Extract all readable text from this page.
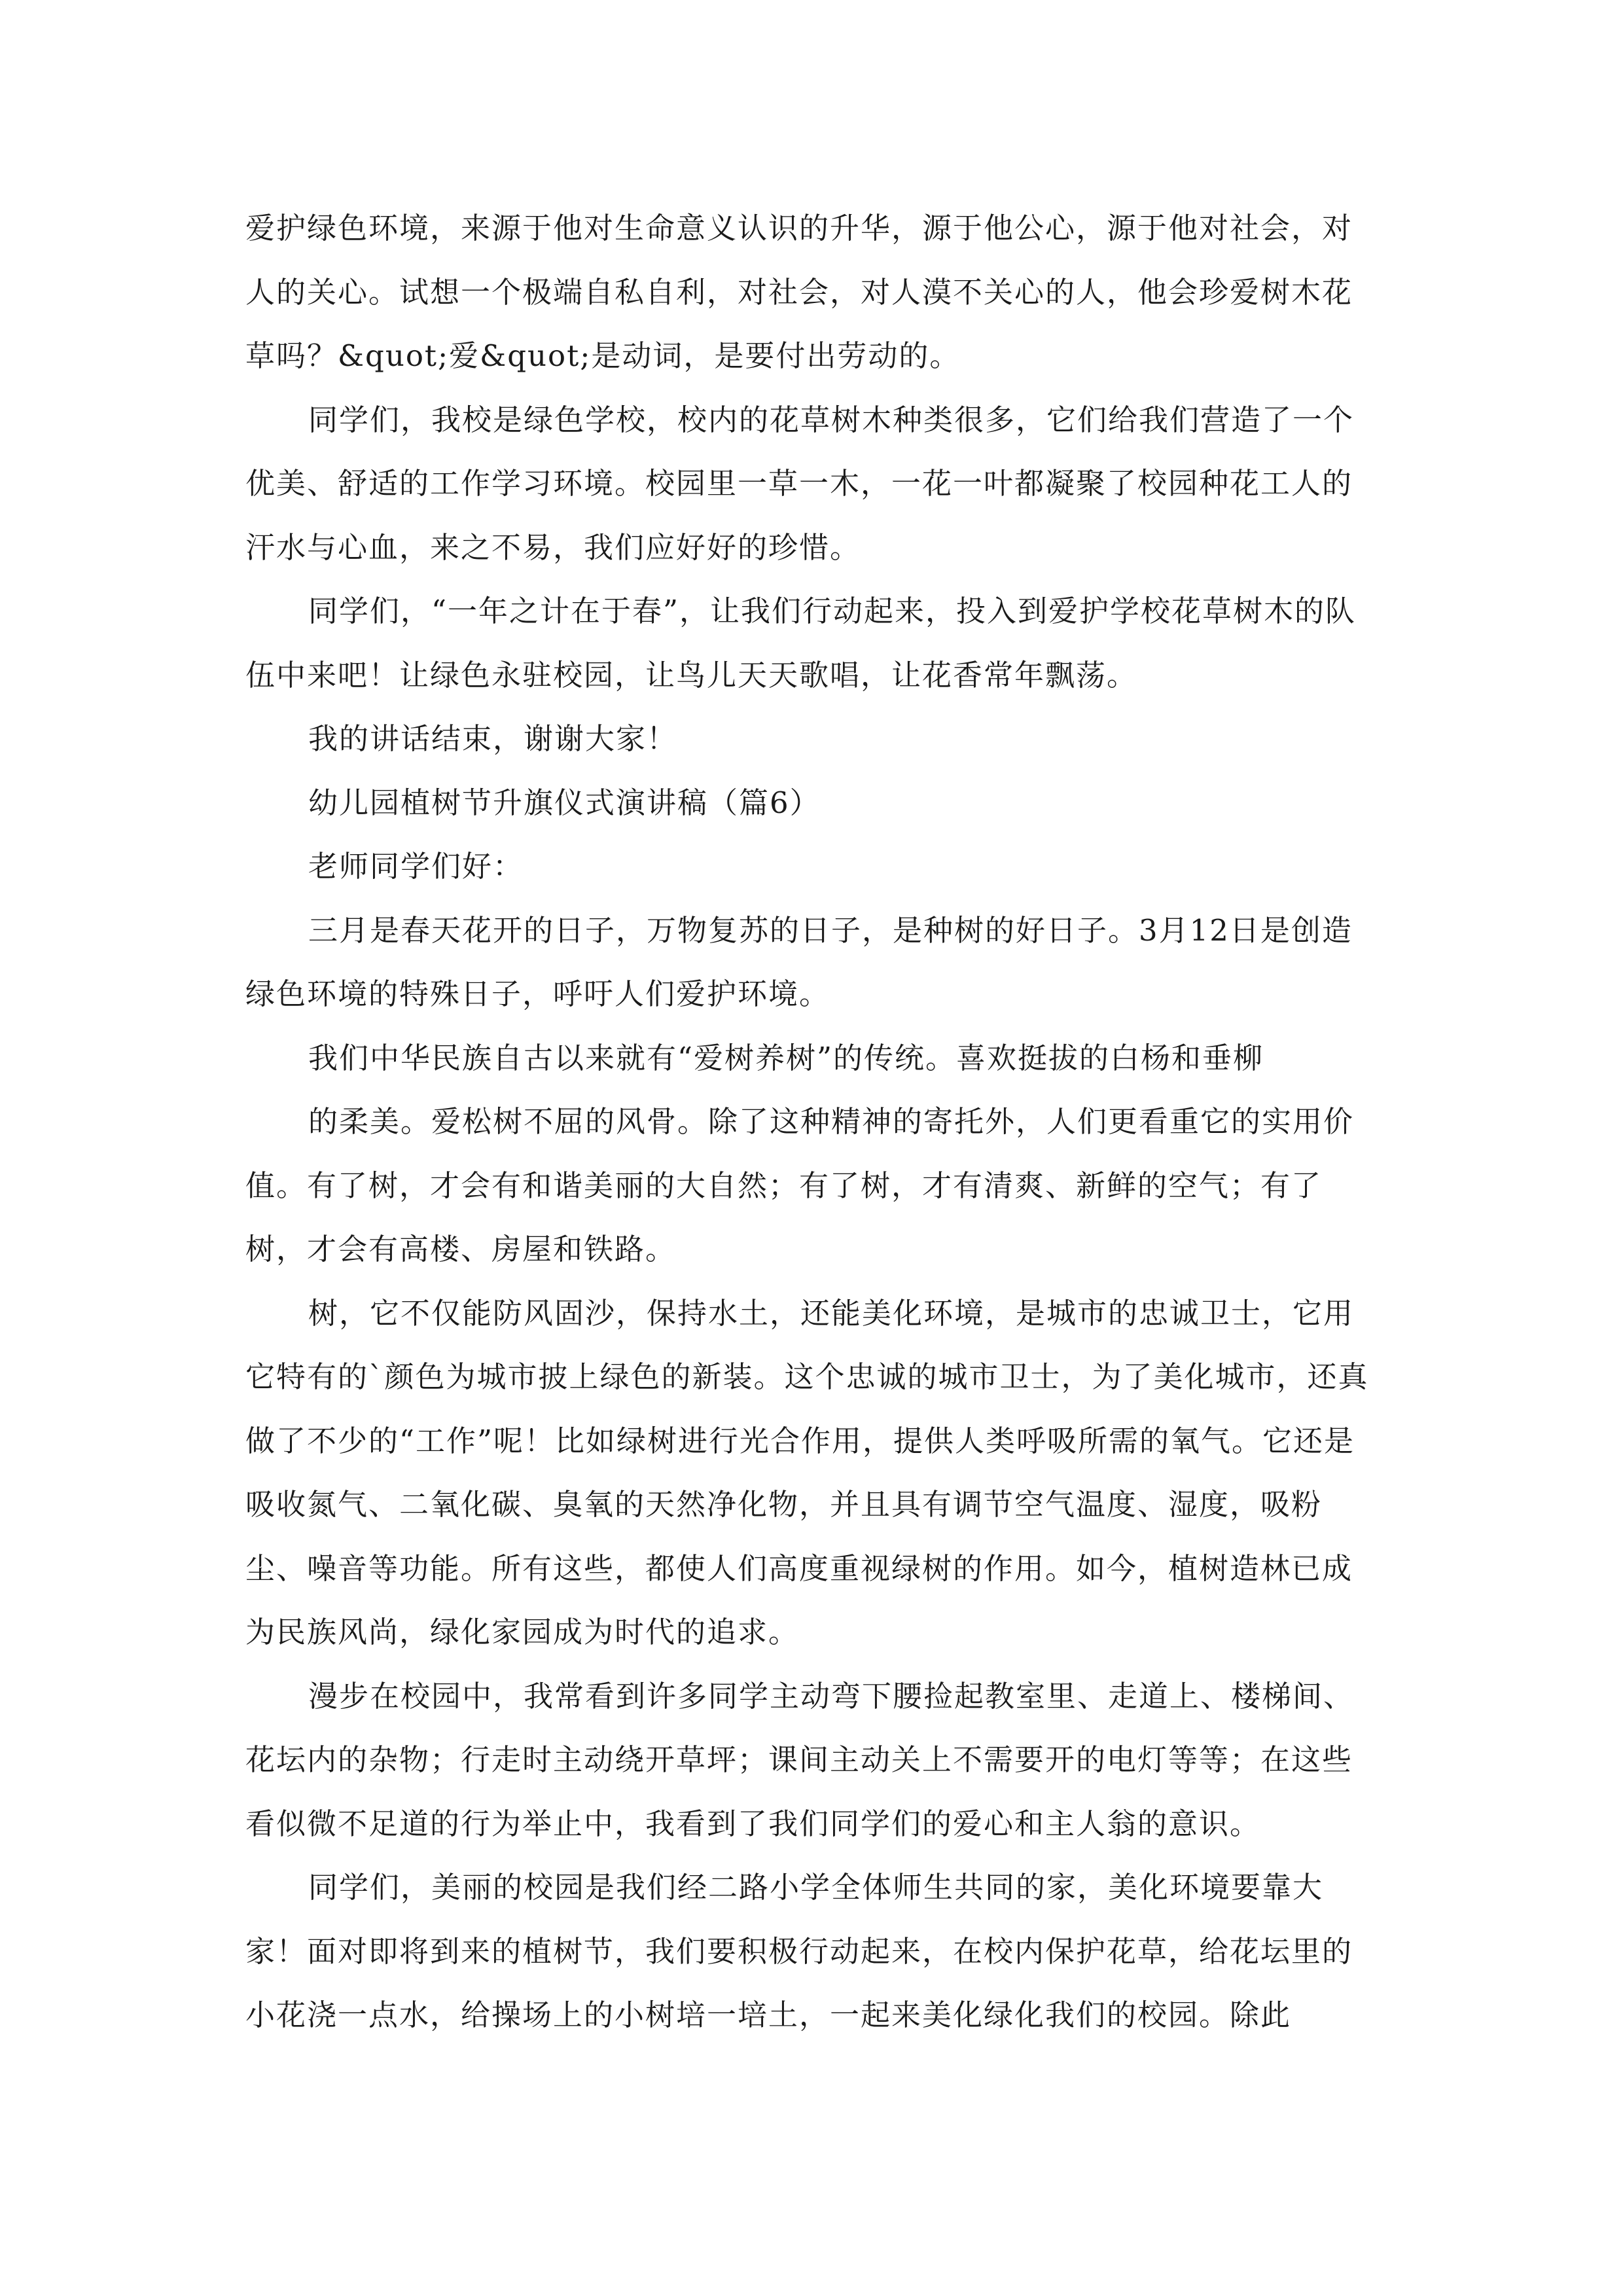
爱护绿色环境，来源于他对生命意义认识的升华，源于他公心，源于他对社会，对人的关心。试想一个极端自私自利，对社会，对人漠不关心的人，他会珍爱树木花草吗？&quot;爱&quot;是动词，是要付出劳动的。

同学们，我校是绿色学校，校内的花草树木种类很多，它们给我们营造了一个优美、舒适的工作学习环境。校园里一草一木，一花一叶都凝聚了校园种花工人的汗水与心血，来之不易，我们应好好的珍惜。

同学们，“一年之计在于春”，让我们行动起来，投入到爱护学校花草树木的队伍中来吧！让绿色永驻校园，让鸟儿天天歌唱，让花香常年飘荡。

我的讲话结束，谢谢大家！

幼儿园植树节升旗仪式演讲稿（篇6）

老师同学们好：

三月是春天花开的日子，万物复苏的日子，是种树的好日子。3月12日是创造绿色环境的特殊日子，呼吁人们爱护环境。

我们中华民族自古以来就有“爱树养树”的传统。喜欢挺拔的白杨和垂柳

的柔美。爱松树不屈的风骨。除了这种精神的寄托外，人们更看重它的实用价值。有了树，才会有和谐美丽的大自然；有了树，才有清爽、新鲜的空气；有了树，才会有高楼、房屋和铁路。

树，它不仅能防风固沙，保持水土，还能美化环境，是城市的忠诚卫士，它用它特有的`颜色为城市披上绿色的新装。这个忠诚的城市卫士，为了美化城市，还真做了不少的“工作”呢！比如绿树进行光合作用，提供人类呼吸所需的氧气。它还是吸收氮气、二氧化碳、臭氧的天然净化物，并且具有调节空气温度、湿度，吸粉尘、噪音等功能。所有这些，都使人们高度重视绿树的作用。如今，植树造林已成为民族风尚，绿化家园成为时代的追求。

漫步在校园中，我常看到许多同学主动弯下腰捡起教室里、走道上、楼梯间、花坛内的杂物；行走时主动绕开草坪；课间主动关上不需要开的电灯等等；在这些看似微不足道的行为举止中，我看到了我们同学们的爱心和主人翁的意识。

同学们，美丽的校园是我们经二路小学全体师生共同的家，美化环境要靠大家！面对即将到来的植树节，我们要积极行动起来，在校内保护花草，给花坛里的小花浇一点水，给操场上的小树培一培土，一起来美化绿化我们的校园。除此
